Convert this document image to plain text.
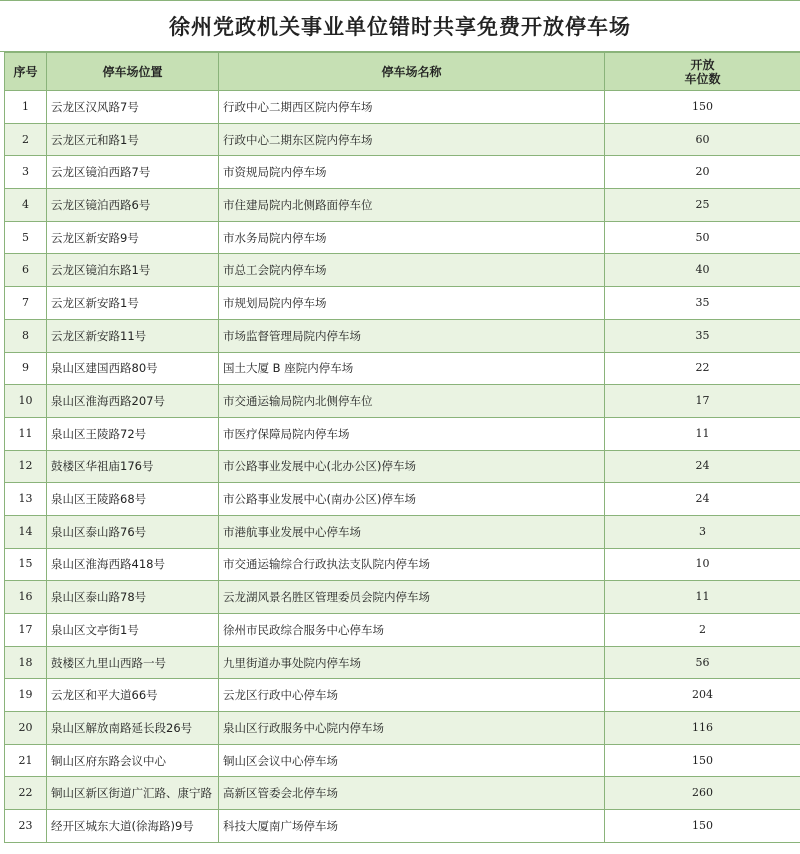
徐州党政机关事业单位错时共享免费开放停车场
序号	停车场位置	停车场名称	开放
车位数

1	云龙区汉风路7号	行政中心二期西区院内停车场	150
2	云龙区元和路1号	行政中心二期东区院内停车场	60
3	云龙区镜泊西路7号	市资规局院内停车场	20
4	云龙区镜泊西路6号	市住建局院内北侧路面停车位	25
5	云龙区新安路9号	市水务局院内停车场	50
6	云龙区镜泊东路1号	市总工会院内停车场	40
7	云龙区新安路1号	市规划局院内停车场	35
8	云龙区新安路11号	市场监督管理局院内停车场	35
9	泉山区建国西路80号	国土大厦 B 座院内停车场	22
10	泉山区淮海西路207号	市交通运输局院内北侧停车位	17
11	泉山区王陵路72号	市医疗保障局院内停车场	11
12	鼓楼区华祖庙176号	市公路事业发展中心(北办公区)停车场	24
13	泉山区王陵路68号	市公路事业发展中心(南办公区)停车场	24
14	泉山区泰山路76号	市港航事业发展中心停车场	3
15	泉山区淮海西路418号	市交通运输综合行政执法支队院内停车场	10
16	泉山区泰山路78号	云龙湖风景名胜区管理委员会院内停车场	11
17	泉山区文亭街1号	徐州市民政综合服务中心停车场	2
18	鼓楼区九里山西路一号	九里街道办事处院内停车场	56
19	云龙区和平大道66号	云龙区行政中心停车场	204
20	泉山区解放南路延长段26号	泉山区行政服务中心院内停车场	116
21	铜山区府东路会议中心	铜山区会议中心停车场	150
22	铜山区新区街道广汇路、康宁路	高新区管委会北停车场	260
23	经开区城东大道(徐海路)9号	科技大厦南广场停车场	150
